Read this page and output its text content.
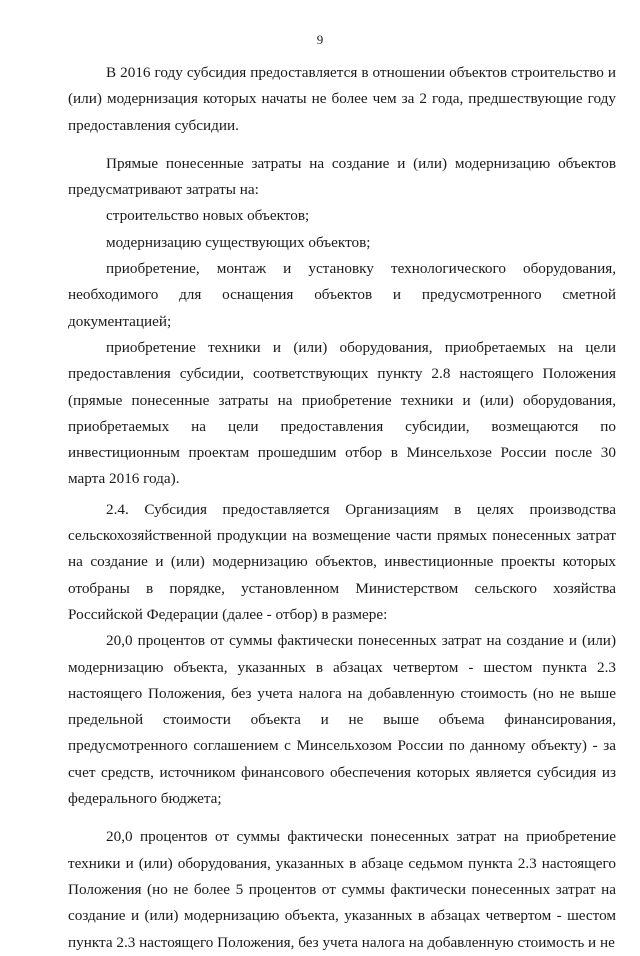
9

В 2016 году субсидия предоставляется в отношении объектов строительство и (или) модернизация которых начаты не более чем за 2 года, предшествующие году предоставления субсидии.

Прямые понесенные затраты на создание и (или) модернизацию объектов предусматривают затраты на:

строительство новых объектов;

модернизацию существующих объектов;

приобретение, монтаж и установку технологического оборудования, необходимого для оснащения объектов и предусмотренного сметной документацией;

приобретение техники и (или) оборудования, приобретаемых на цели предоставления субсидии, соответствующих пункту 2.8 настоящего Положения (прямые понесенные затраты на приобретение техники и (или) оборудования, приобретаемых на цели предоставления субсидии, возмещаются по инвестиционным проектам прошедшим отбор в Минсельхозе России после 30 марта 2016 года).

2.4. Субсидия предоставляется Организациям в целях производства сельскохозяйственной продукции на возмещение части прямых понесенных затрат на создание и (или) модернизацию объектов, инвестиционные проекты которых отобраны в порядке, установленном Министерством сельского хозяйства Российской Федерации (далее - отбор) в размере:

20,0 процентов от суммы фактически понесенных затрат на создание и (или) модернизацию объекта, указанных в абзацах четвертом - шестом пункта 2.3 настоящего Положения, без учета налога на добавленную стоимость (но не выше предельной стоимости объекта и не выше объема финансирования, предусмотренного соглашением с Минсельхозом России по данному объекту) - за счет средств, источником финансового обеспечения которых является субсидия из федерального бюджета;

20,0 процентов от суммы фактически понесенных затрат на приобретение техники и (или) оборудования, указанных в абзаце седьмом пункта 2.3 настоящего Положения (но не более 5 процентов от суммы фактически понесенных затрат на создание и (или) модернизацию объекта, указанных в абзацах четвертом - шестом пункта 2.3 настоящего Положения, без учета налога на добавленную стоимость и не
